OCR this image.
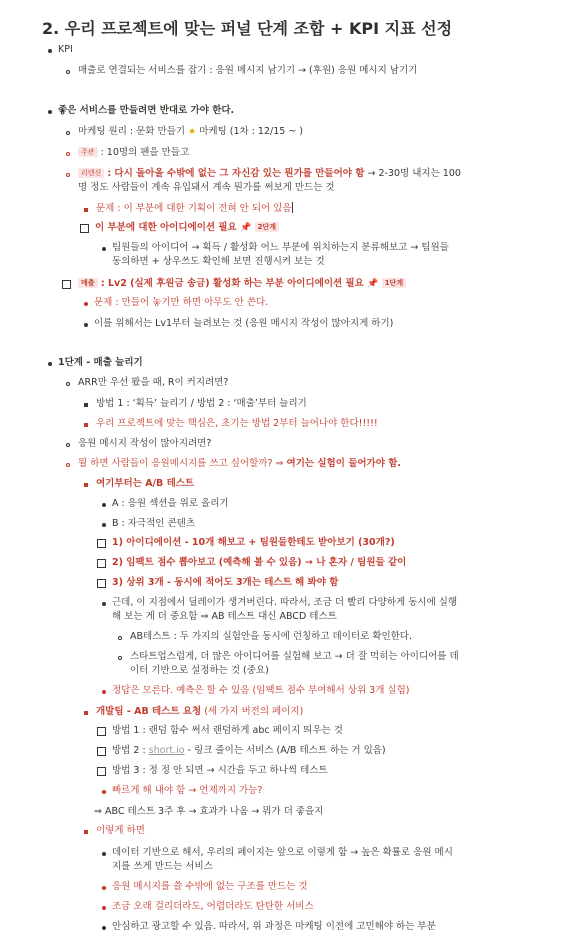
2. 우리 프로젝트에 맞는 퍼널 단계 조합 + KPI 지표 선정
KPI
매출로 연결되는 서비스를 잡기 : 응원 메시지 남기기 → (후원) 응원 메시지 남기기
좋은 서비스를 만들려면 반대로 가야 한다.
마케팅 원리 : 문화 만들기 ★ 마케팅 (1차 : 12/15 ~ )
주관 : 10명의 팬을 만들고
리텐션 : 다시 돌아올 수밖에 없는 그 자신감 있는 뭔가를 만들어야 함 → 2-30명 내지는 100
명 정도 사람들이 계속 유입돼서 계속 뭔가를 써보게 만드는 것
문제 : 이 부분에 대한 기획이 전혀 안 되어 있음
이 부분에 대한 아이디에이션 필요 📌 2단계
팀원들의 아이디어 → 획득 / 활성화 어느 부분에 위치하는지 분류해보고 → 팀원들
동의하면 + 상우쓰도 확인해 보면 진행시켜 보는 것
매출 : Lv2 (실제 후원금 송금) 활성화 하는 부분 아이디에이션 필요 📌 1단계
문제 : 만들어 놓기만 하면 아무도 안 쓴다.
이를 위해서는 Lv1부터 늘려보는 것 (응원 메시지 작성이 많아지게 하기)
1단계 - 매출 늘리기
ARR만 우선 봤을 때, R이 커지려면?
방법 1 : ‘획득’ 늘리기 / 방법 2 : ‘매출’부터 늘리기
우리 프로젝트에 맞는 핵심은, 초기는 방법 2부터 늘어나야 한다!!!!!
응원 메시지 작성이 많아지려면?
뭘 하면 사람들이 응원메시지를 쓰고 싶어할까? ⇒ 여기는 실험이 들어가야 함.
여기부터는 A/B 테스트
A : 응원 섹션을 위로 올리기
B : 자극적인 콘텐츠
1) 아이디에이션 - 10개 해보고 + 팀원들한테도 받아보기 (30개?)
2) 임팩트 점수 뽑아보고 (예측해 볼 수 있음) → 나 혼자 / 팀원들 같이
3) 상위 3개 - 동시에 적어도 3개는 테스트 해 봐야 함
근데, 이 지점에서 딜레이가 생겨버린다. 따라서, 조금 더 빨리 다양하게 동시에 실행
해 보는 게 더 중요함 ⇒ AB 테스트 대신 ABCD 테스트
AB테스트 : 두 가지의 실험안을 동시에 런칭하고 데이터로 확인한다.
스타트업스럽게, 더 많은 아이디어를 실험해 보고 → 더 잘 먹히는 아이디어를 데
이터 기반으로 설정하는 것 (중요)
정답은 모른다. 예측은 할 수 있음 (임팩트 점수 부여해서 상위 3개 실험)
개발팀 - AB 테스트 요청 (세 가지 버전의 페이지)
방법 1 : 랜덤 함수 써서 랜덤하게 abc 페이지 띄우는 것
방법 2 : short.io - 링크 줄이는 서비스 (A/B 테스트 하는 거 있음)
방법 3 : 정 정 안 되면 → 시간을 두고 하나씩 테스트
빠르게 해 내야 함 → 언제까지 가능?
⇒ ABC 테스트 3주 후 → 효과가 나옴 → 뭐가 더 좋을지
이렇게 하면
데이터 기반으로 해서, 우리의 페이지는 앞으로 이렇게 함 → 높은 확률로 응원 메시
지를 쓰게 만드는 서비스
응원 메시지를 쓸 수밖에 없는 구조를 만드는 것
조금 오래 걸리더라도, 어렵더라도 탄탄한 서비스
안심하고 광고할 수 있음. 따라서, 위 과정은 마케팅 이전에 고민해야 하는 부분
